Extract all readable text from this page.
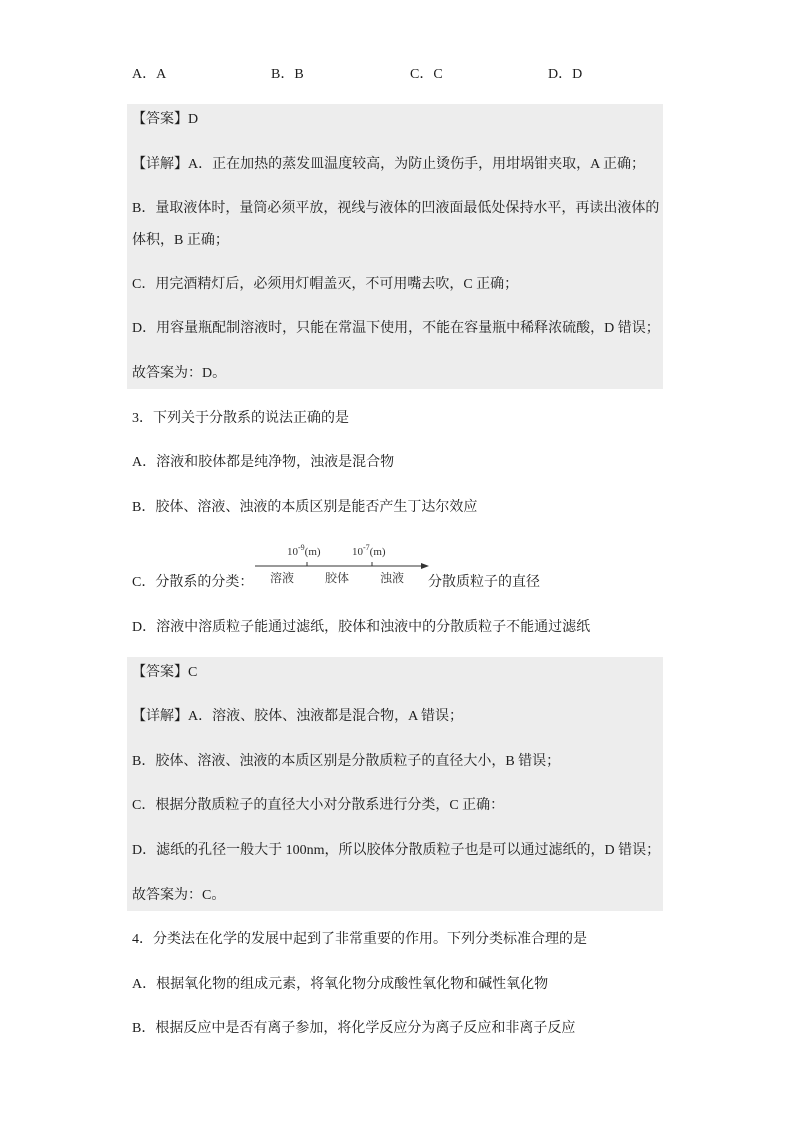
A．A	B．B	C．C	D．D
【答案】D
【详解】A．正在加热的蒸发皿温度较高，为防止烫伤手，用坩埚钳夹取，A 正确；
B．量取液体时，量筒必须平放，视线与液体的凹液面最低处保持水平，再读出液体的
体积，B 正确；
C．用完酒精灯后，必须用灯帽盖灭，不可用嘴去吹，C 正确；
D．用容量瓶配制溶液时，只能在常温下使用，不能在容量瓶中稀释浓硫酸，D 错误；
故答案为：D。
3．下列关于分散系的说法正确的是
A．溶液和胶体都是纯净物，浊液是混合物
B．胶体、溶液、浊液的本质区别是能否产生丁达尔效应
C．分散系的分类：
$10^{-9}(m)$	$10^{-7}(m)$
溶液	胶体	浊液 分散质粒子的直径
D．溶液中溶质粒子能通过滤纸，胶体和浊液中的分散质粒子不能通过滤纸
【答案】C
【详解】A．溶液、胶体、浊液都是混合物，A 错误；
B．胶体、溶液、浊液的本质区别是分散质粒子的直径大小，B 错误；
C．根据分散质粒子的直径大小对分散系进行分类，C 正确：
D．滤纸的孔径一般大于 100nm，所以胶体分散质粒子也是可以通过滤纸的，D 错误；
故答案为：C。
4．分类法在化学的发展中起到了非常重要的作用。下列分类标准合理的是
A．根据氧化物的组成元素，将氧化物分成酸性氧化物和碱性氧化物
B．根据反应中是否有离子参加，将化学反应分为离子反应和非离子反应
